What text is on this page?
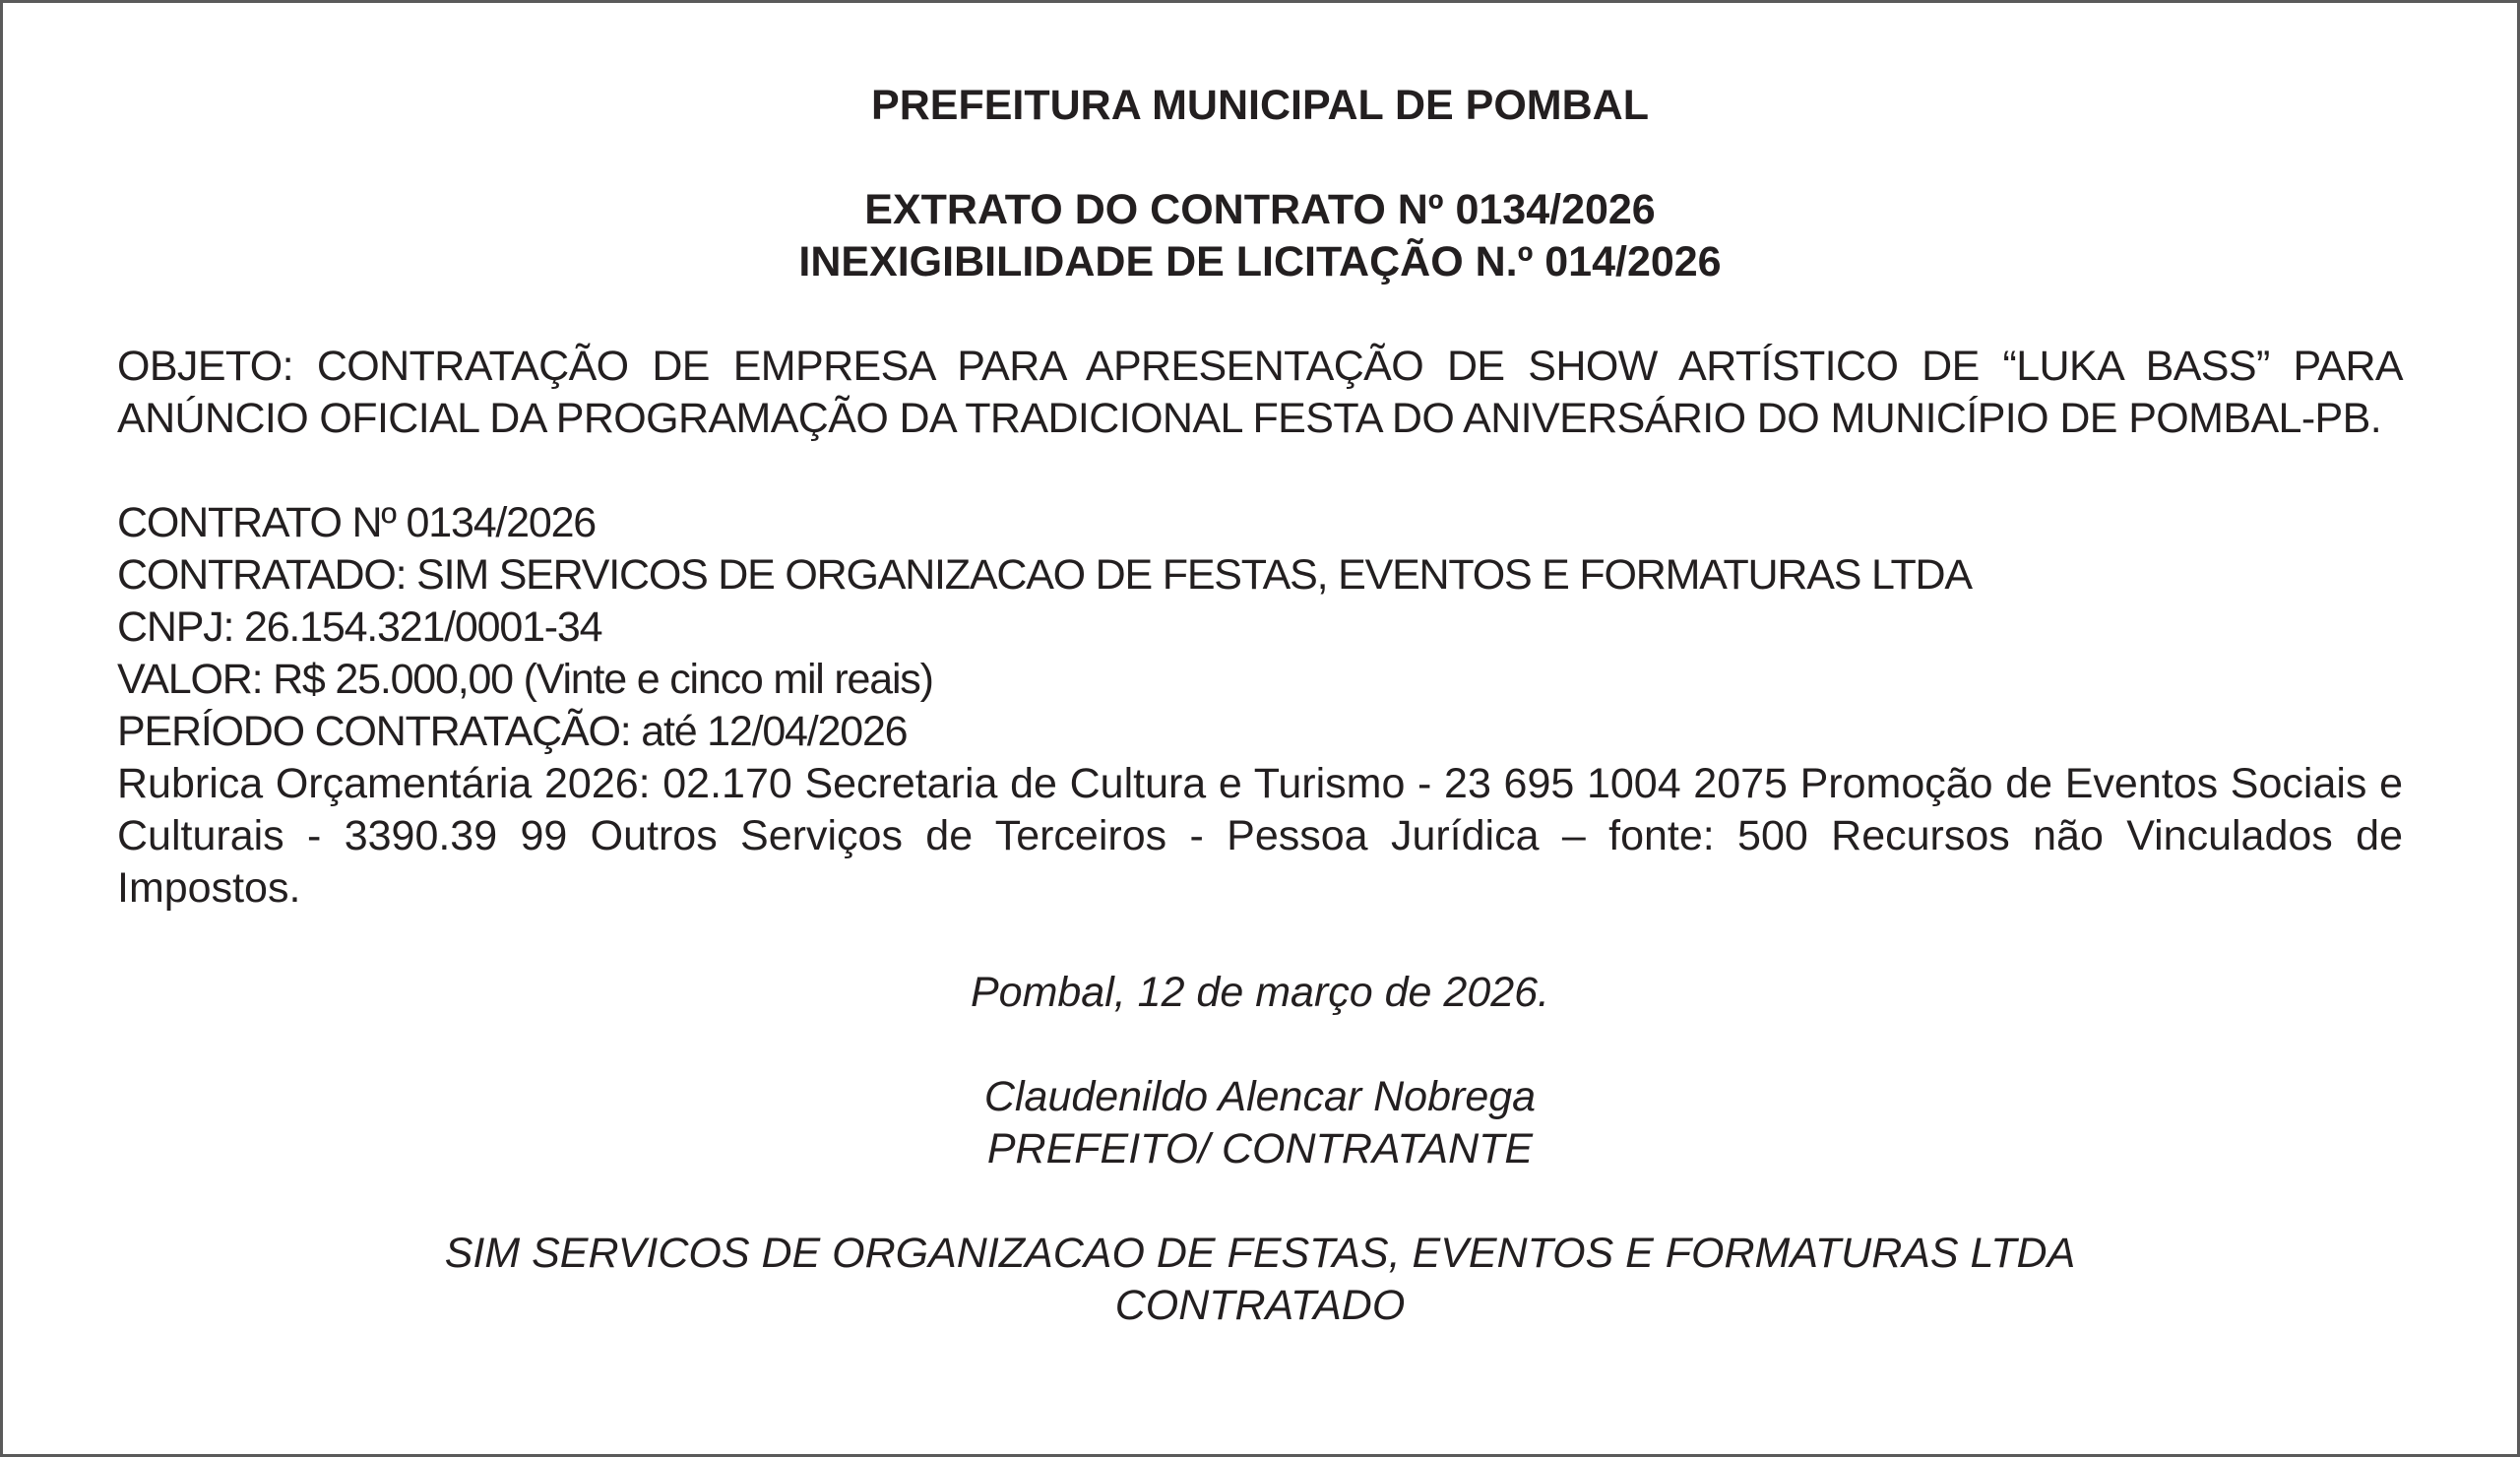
PREFEITURA MUNICIPAL DE POMBAL

EXTRATO DO CONTRATO Nº 0134/2026

INEXIGIBILIDADE DE LICITAÇÃO N.º 014/2026

OBJETO: CONTRATAÇÃO DE EMPRESA PARA APRESENTAÇÃO DE SHOW ARTÍSTICO DE “LUKA BASS” PARA ANÚNCIO OFICIAL DA PROGRAMAÇÃO DA TRADICIONAL FESTA DO ANIVERSÁRIO DO MUNICÍPIO DE POMBAL-PB.

CONTRATO Nº 0134/2026

CONTRATADO: SIM SERVICOS DE ORGANIZACAO DE FESTAS, EVENTOS E FORMATURAS LTDA

CNPJ: 26.154.321/0001-34

VALOR: R$ 25.000,00 (Vinte e cinco mil reais)

PERÍODO CONTRATAÇÃO: até 12/04/2026

Rubrica Orçamentária 2026: 02.170 Secretaria de Cultura e Turismo - 23 695 1004 2075 Promoção de Eventos Sociais e Culturais - 3390.39 99 Outros Serviços de Terceiros - Pessoa Jurídica – fonte: 500 Recursos não Vinculados de Impostos.

Pombal, 12 de março de 2026.

Claudenildo Alencar Nobrega

PREFEITO/ CONTRATANTE

SIM SERVICOS DE ORGANIZACAO DE FESTAS, EVENTOS E FORMATURAS LTDA

CONTRATADO
